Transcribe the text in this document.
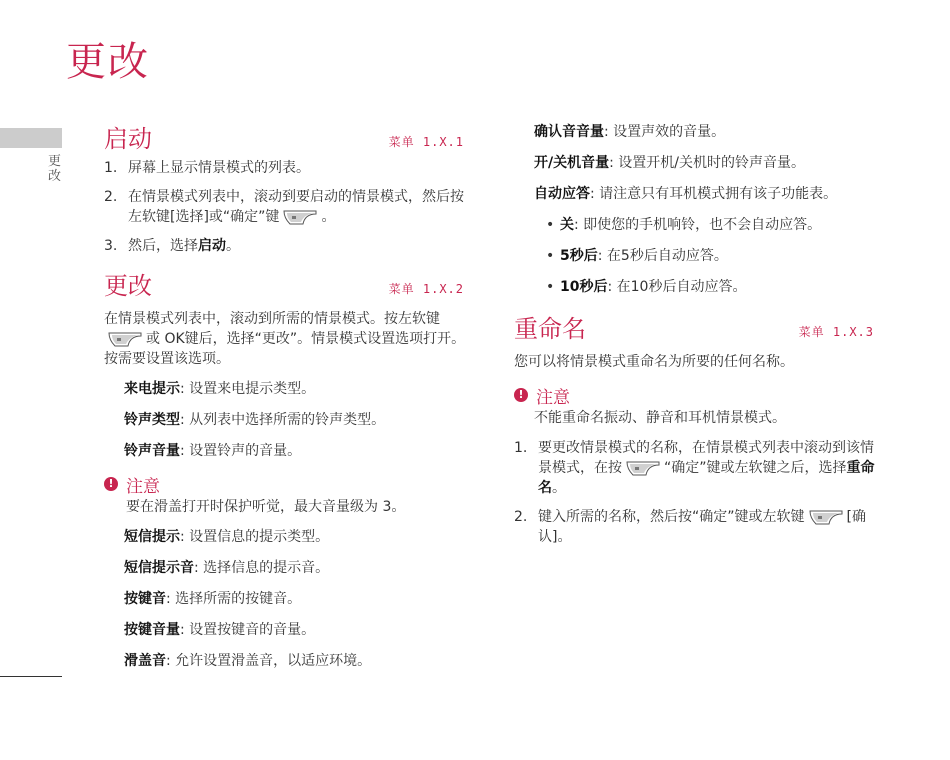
更改
更改
启动	菜单 1.X.1
1. 屏幕上显示情景模式的列表。
2. 在情景模式列表中，滚动到要启动的情景模式，然后按左软键[选择]或“确定”键	。
3. 然后，选择启动。
更改	菜单 1.X.2

在情景模式列表中，滚动到所需的情景模式。按左软键或 OK键后，选择“更改”。情景模式设置选项打开。按需要设置该选项。

来电提示: 设置来电提示类型。
铃声类型: 从列表中选择所需的铃声类型。
铃声音量: 设置铃声的音量。
! 注意
要在滑盖打开时保护听觉，最大音量级为 3。
短信提示: 设置信息的提示类型。
短信提示音: 选择信息的提示音。
按键音: 选择所需的按键音。
按键音量: 设置按键音的音量。
滑盖音: 允许设置滑盖音，以适应环境。
确认音音量: 设置声效的音量。
开/关机音量: 设置开机/关机时的铃声音量。
自动应答: 请注意只有耳机模式拥有该子功能表。
• 关: 即使您的手机响铃，也不会自动应答。
• 5秒后: 在5秒后自动应答。
• 10秒后: 在10秒后自动应答。
重命名	菜单 1.X.3

您可以将情景模式重命名为所要的任何名称。

! 注意
不能重命名振动、静音和耳机情景模式。
1. 要更改情景模式的名称，在情景模式列表中滚动到该情景模式，在按	“确定”键或左软键之后，选择重命名。
2. 键入所需的名称，然后按“确定”键或左软键	[确认]。
